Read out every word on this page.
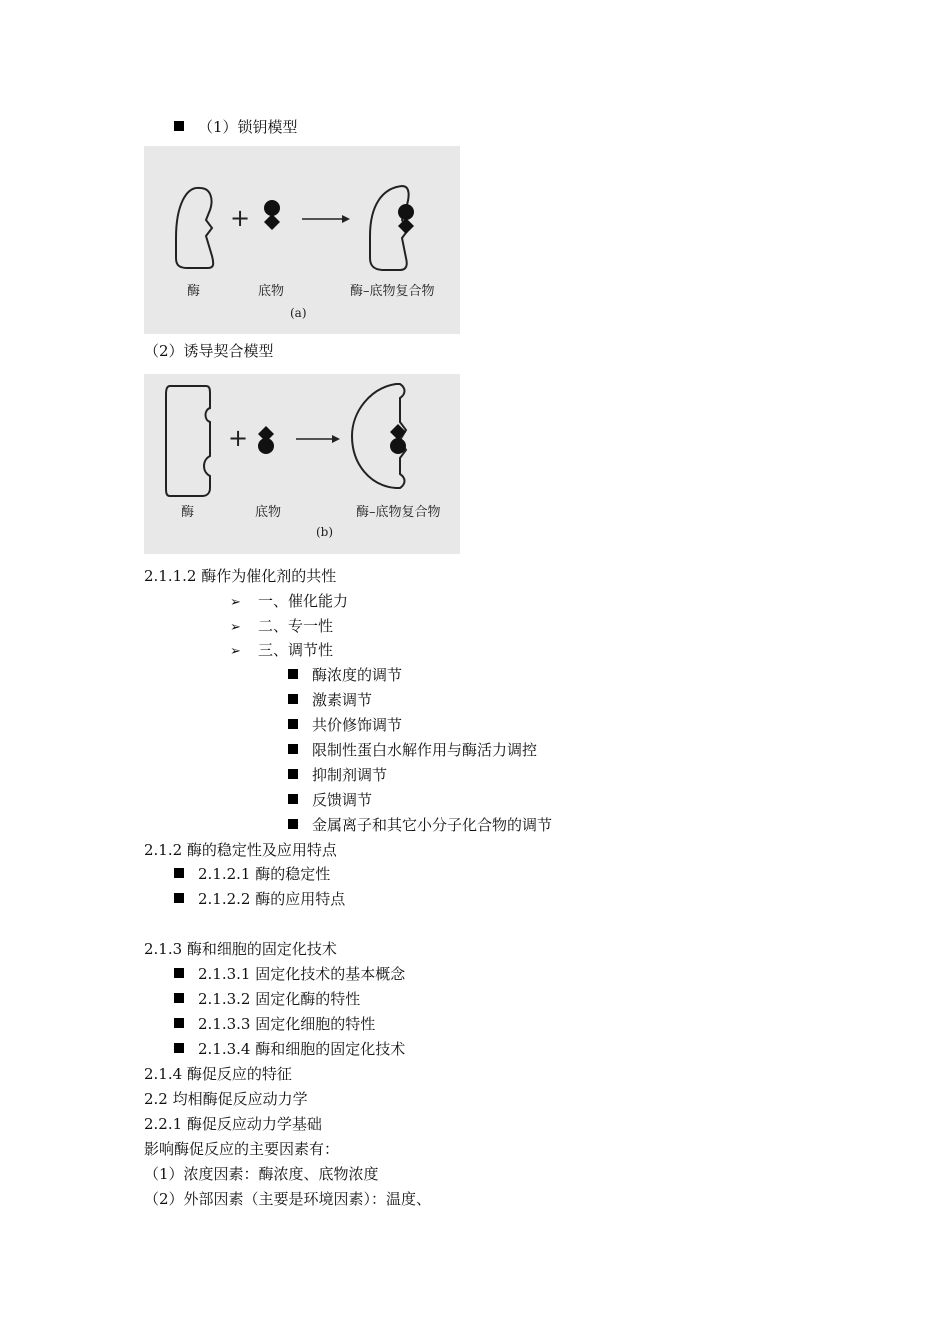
（1）锁钥模型
+
酶	底物	酶–底物复合物
(a)
（2）诱导契合模型
+
酶	底物	酶–底物复合物
(b)
2.1.1.2 酶作为催化剂的共性
➢ 一、催化能力
➢ 二、专一性
➢ 三、调节性
酶浓度的调节
激素调节
共价修饰调节
限制性蛋白水解作用与酶活力调控
抑制剂调节
反馈调节
金属离子和其它小分子化合物的调节
2.1.2 酶的稳定性及应用特点
2.1.2.1 酶的稳定性
2.1.2.2 酶的应用特点
2.1.3 酶和细胞的固定化技术
2.1.3.1 固定化技术的基本概念
2.1.3.2 固定化酶的特性
2.1.3.3 固定化细胞的特性
2.1.3.4 酶和细胞的固定化技术
2.1.4 酶促反应的特征
2.2 均相酶促反应动力学
2.2.1 酶促反应动力学基础
影响酶促反应的主要因素有：
（1）浓度因素：酶浓度、底物浓度
（2）外部因素（主要是环境因素）：温度、
